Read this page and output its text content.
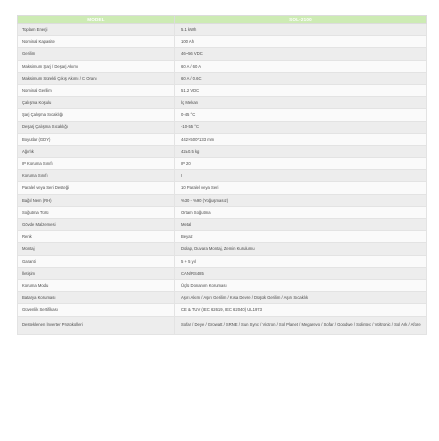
MODEL	SOL-2100
Toplam Enerji	5.1 kWh
Nominal Kapasite	100 Ah
Gerilim	46~56 VDC
Maksimum Şarj / Deşarj Akımı	60 A / 60 A
Maksimum Sürekli Çıkış Akımı / C Oranı	60 A / 0.6C
Nominal Gerilim	51.2 VDC
Çalışma Koşulu	İç Mekan
Şarj Çalışma Sıcaklığı	0-45 °C
Deşarj Çalışma Sıcaklığı	-10-55 °C
Boyutlar (GDY)	442×500*133 mm
Ağırlık	42±0.5 kg
IP Koruma Sınıfı	IP 20
Koruma Sınıfı	I
Paralel veya Seri Desteği	10 Paralel veya Seri
Bağıl Nem (RH)	%30 - %90 (Yoğuşmasız)
Soğutma Türü	Ortam Soğutma
Gövde Malzemesi	Metal
Renk	Beyaz
Montaj	Dolap, Duvara Montaj, Zemin Kurulumu
Garanti	5 + 5 yıl
İletişim	CAN/RS485
Koruma Modu	Üçlü Donanım Koruması
Batarya Koruması	Aşırı Akım / Aşırı Gerilim / Kısa Devre / Düşük Gerilim / Aşırı Sıcaklık
Güvenlik Sertifikası	CE & TUV (IEC 62619, IEC 62040) UL1973
Desteklenen İnverter Protokolleri	Sofar / Deye / Growatt / SRNE / Sun Sync / Victron / Sol Planet / Megarevo / Sofar / Goodwe / Solintec / Voltronic / Sol Ark / Afore
